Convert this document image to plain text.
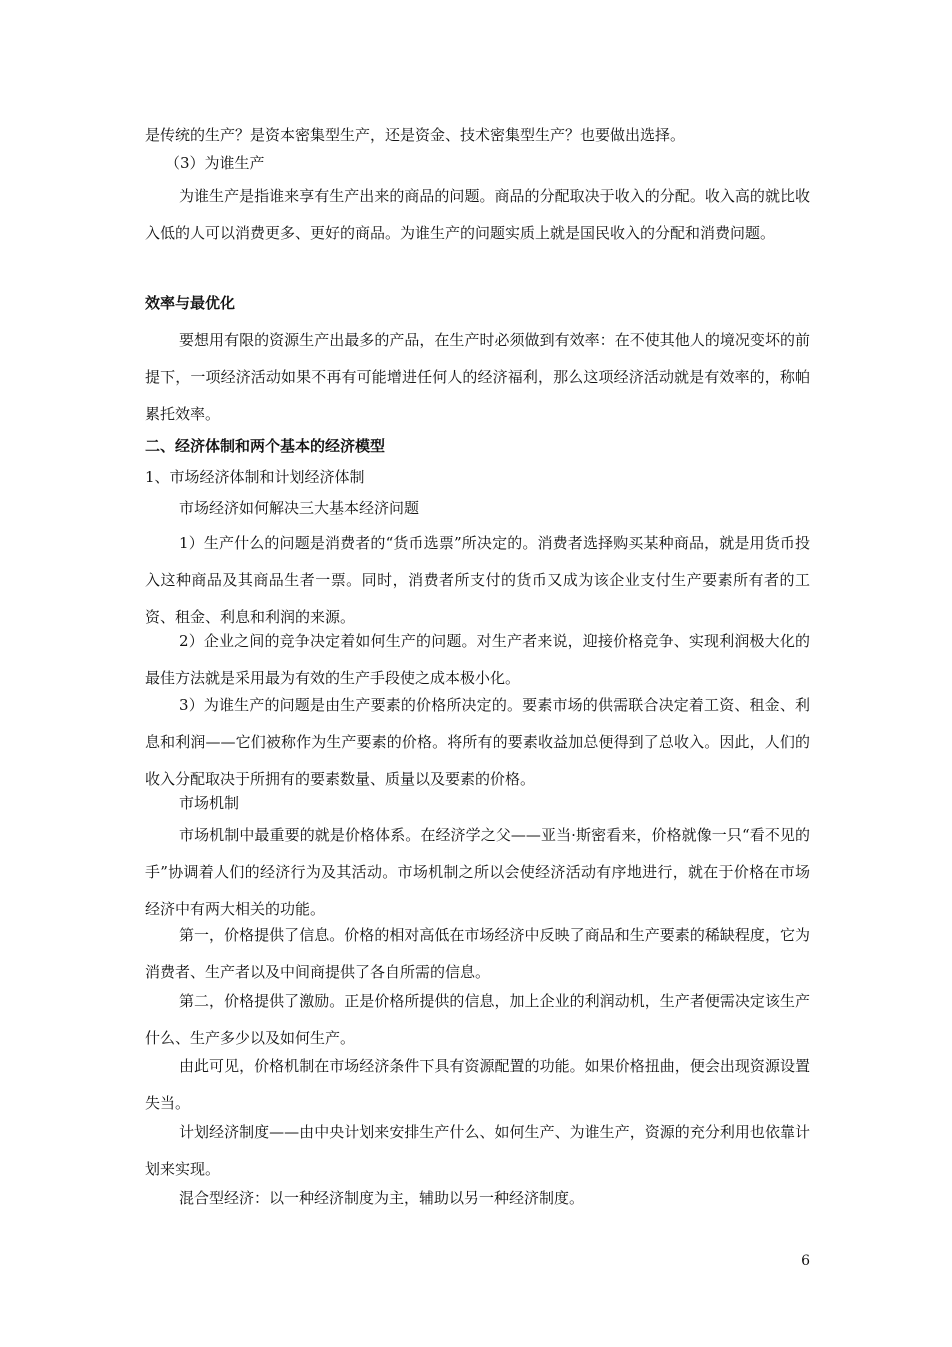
是传统的生产？是资本密集型生产，还是资金、技术密集型生产？也要做出选择。

（3）为谁生产

为谁生产是指谁来享有生产出来的商品的问题。商品的分配取决于收入的分配。收入高的就比收入低的人可以消费更多、更好的商品。为谁生产的问题实质上就是国民收入的分配和消费问题。

效率与最优化

要想用有限的资源生产出最多的产品，在生产时必须做到有效率：在不使其他人的境况变坏的前提下，一项经济活动如果不再有可能增进任何人的经济福利，那么这项经济活动就是有效率的，称帕累托效率。

二、经济体制和两个基本的经济模型

1、市场经济体制和计划经济体制

市场经济如何解决三大基本经济问题

1）生产什么的问题是消费者的“货币选票”所决定的。消费者选择购买某种商品，就是用货币投入这种商品及其商品生者一票。同时，消费者所支付的货币又成为该企业支付生产要素所有者的工资、租金、利息和利润的来源。

2）企业之间的竞争决定着如何生产的问题。对生产者来说，迎接价格竞争、实现利润极大化的最佳方法就是采用最为有效的生产手段使之成本极小化。

3）为谁生产的问题是由生产要素的价格所决定的。要素市场的供需联合决定着工资、租金、利息和利润——它们被称作为生产要素的价格。将所有的要素收益加总便得到了总收入。因此，人们的收入分配取决于所拥有的要素数量、质量以及要素的价格。

市场机制

市场机制中最重要的就是价格体系。在经济学之父——亚当·斯密看来，价格就像一只“看不见的手”协调着人们的经济行为及其活动。市场机制之所以会使经济活动有序地进行，就在于价格在市场经济中有两大相关的功能。

第一，价格提供了信息。价格的相对高低在市场经济中反映了商品和生产要素的稀缺程度，它为消费者、生产者以及中间商提供了各自所需的信息。

第二，价格提供了激励。正是价格所提供的信息，加上企业的利润动机，生产者便需决定该生产什么、生产多少以及如何生产。

由此可见，价格机制在市场经济条件下具有资源配置的功能。如果价格扭曲，便会出现资源设置失当。

计划经济制度——由中央计划来安排生产什么、如何生产、为谁生产，资源的充分利用也依靠计划来实现。

混合型经济：以一种经济制度为主，辅助以另一种经济制度。

6
